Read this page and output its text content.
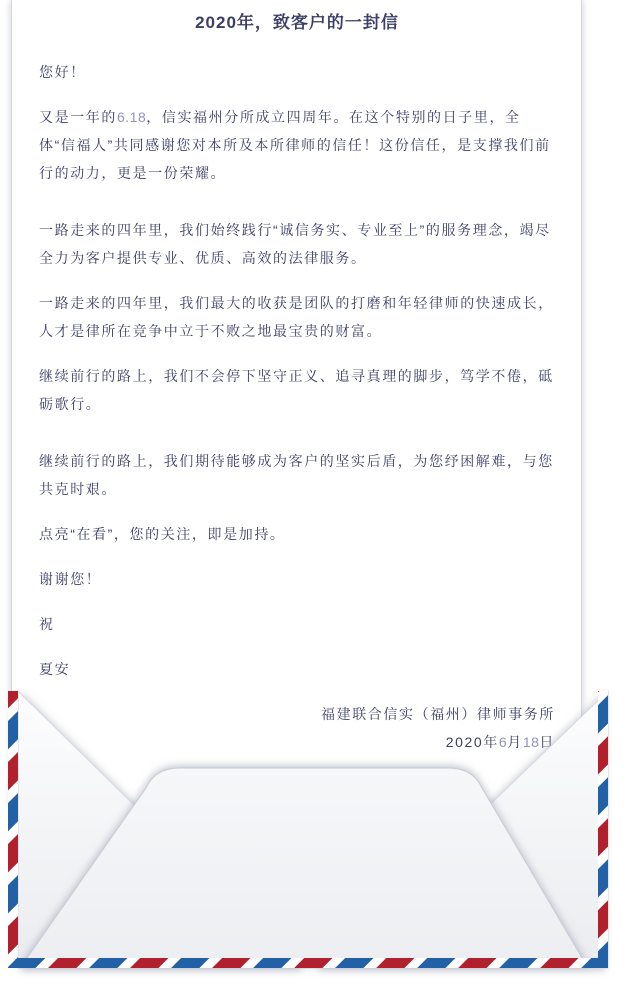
2020年，致客户的一封信

您好！

又是一年的6.18，信实福州分所成立四周年。在这个特别的日子里，全体“信福人”共同感谢您对本所及本所律师的信任！这份信任，是支撑我们前行的动力，更是一份荣耀。

一路走来的四年里，我们始终践行“诚信务实、专业至上”的服务理念，竭尽全力为客户提供专业、优质、高效的法律服务。

一路走来的四年里，我们最大的收获是团队的打磨和年轻律师的快速成长，人才是律所在竞争中立于不败之地最宝贵的财富。

继续前行的路上，我们不会停下坚守正义、追寻真理的脚步，笃学不倦，砥砺歌行。

继续前行的路上，我们期待能够成为客户的坚实后盾，为您纾困解难，与您共克时艰。

点亮“在看”，您的关注，即是加持。

谢谢您！

祝

夏安

福建联合信实（福州）律师事务所

2020年6月18日
